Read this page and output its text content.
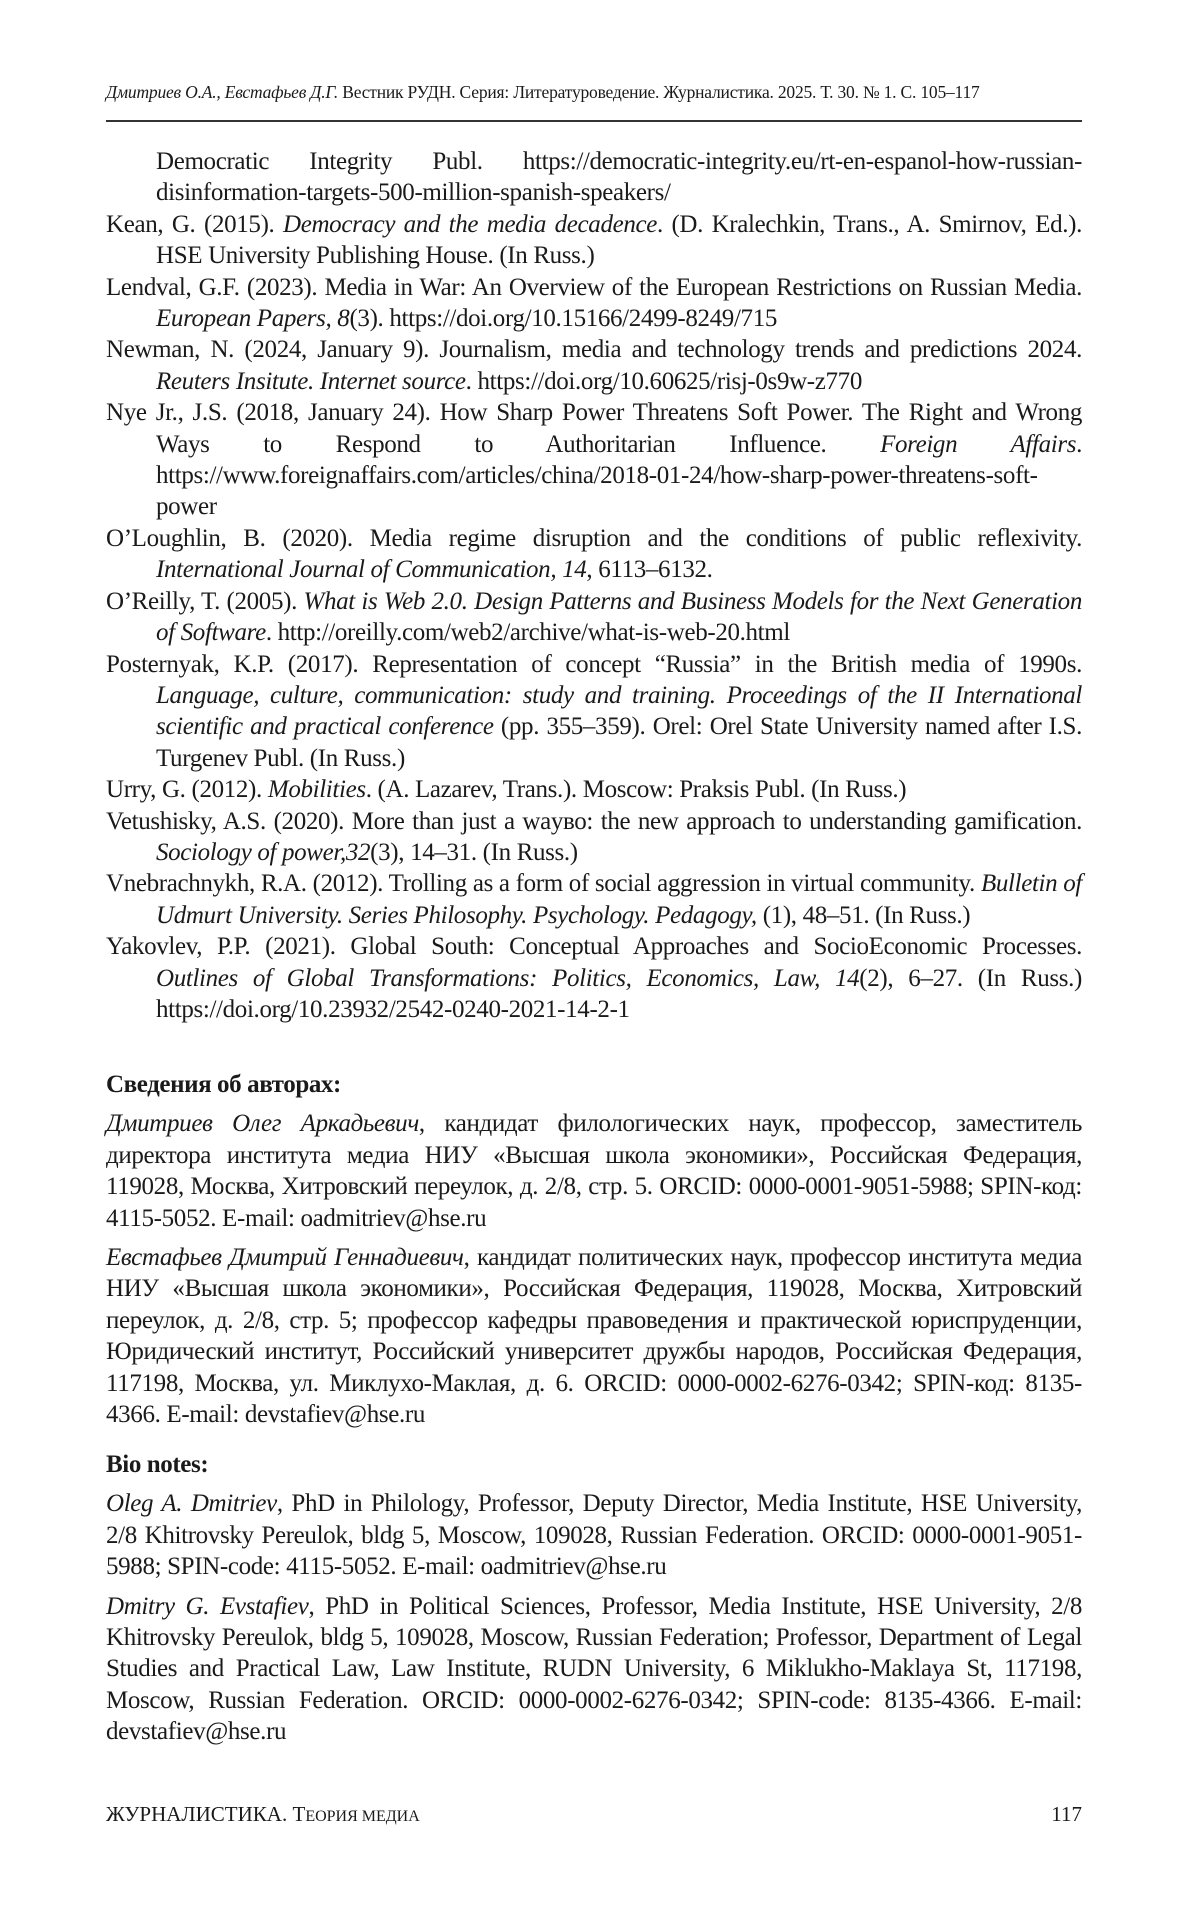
Дмитриев О.А., Евстафьев Д.Г. Вестник РУДН. Серия: Литературоведение. Журналистика. 2025. Т. 30. № 1. С. 105–117

Democratic Integrity Publ. https://democratic-integrity.eu/rt-en-espanol-how-russian-disinformation-targets-500-million-spanish-speakers/

Kean, G. (2015). Democracy and the media decadence. (D. Kralechkin, Trans., A. Smirnov, Ed.). HSE University Publishing House. (In Russ.)

Lendval, G.F. (2023). Media in War: An Overview of the European Restrictions on Russian Media. European Papers, 8(3). https://doi.org/10.15166/2499-8249/715

Newman, N. (2024, January 9). Journalism, media and technology trends and predictions 2024. Reuters Insitute. Internet source. https://doi.org/10.60625/risj-0s9w-z770

Nye Jr., J.S. (2018, January 24). How Sharp Power Threatens Soft Power. The Right and Wrong Ways to Respond to Authoritarian Influence. Foreign Affairs. https://www.foreignaffairs.com/articles/china/2018-01-24/how-sharp-power-threatens-soft-power

O’Loughlin, B. (2020). Media regime disruption and the conditions of public reflexivity. International Journal of Communication, 14, 6113–6132.

O’Reilly, T. (2005). What is Web 2.0. Design Patterns and Business Models for the Next Generation of Software. http://oreilly.com/web2/archive/what-is-web-20.html

Posternyak, K.P. (2017). Representation of concept “Russia” in the British media of 1990s. Language, culture, communication: study and training. Proceedings of the II International scientific and practical conference (pp. 355–359). Orel: Orel State University named after I.S. Turgenev Publ. (In Russ.)

Urry, G. (2012). Mobilities. (A. Lazarev, Trans.). Moscow: Praksis Publ. (In Russ.)

Vetushisky, A.S. (2020). More than just a wayво: the new approach to understanding gamification. Sociology of power,32(3), 14–31. (In Russ.)

Vnebrachnykh, R.A. (2012). Trolling as a form of social aggression in virtual community. Bulletin of Udmurt University. Series Philosophy. Psychology. Pedagogy, (1), 48–51. (In Russ.)

Yakovlev, P.P. (2021). Global South: Conceptual Approaches and SocioEconomic Processes. Outlines of Global Transformations: Politics, Economics, Law, 14(2), 6–27. (In Russ.) https://doi.org/10.23932/2542-0240-2021-14-2-1

Сведения об авторах:

Дмитриев Олег Аркадьевич, кандидат филологических наук, профессор, заместитель директора института медиа НИУ «Высшая школа экономики», Российская Федерация, 119028, Москва, Хитровский переулок, д. 2/8, стр. 5. ORCID: 0000-0001-9051-5988; SPIN-код: 4115-5052. E-mail: oadmitriev@hse.ru

Евстафьев Дмитрий Геннадиевич, кандидат политических наук, профессор института медиа НИУ «Высшая школа экономики», Российская Федерация, 119028, Москва, Хитровский переулок, д. 2/8, стр. 5; профессор кафедры правоведения и практической юриспруденции, Юридический институт, Российский университет дружбы народов, Российская Федерация, 117198, Москва, ул. Миклухо-Маклая, д. 6. ORCID: 0000-0002-6276-0342; SPIN-код: 8135-4366. E-mail: devstafiev@hse.ru

Bio notes:

Oleg A. Dmitriev, PhD in Philology, Professor, Deputy Director, Media Institute, HSE University, 2/8 Khitrovsky Pereulok, bldg 5, Moscow, 109028, Russian Federation. ORCID: 0000-0001-9051-5988; SPIN-code: 4115-5052. E-mail: oadmitriev@hse.ru

Dmitry G. Evstafiev, PhD in Political Sciences, Professor, Media Institute, HSE University, 2/8 Khitrovsky Pereulok, bldg 5, 109028, Moscow, Russian Federation; Professor, Department of Legal Studies and Practical Law, Law Institute, RUDN University, 6 Miklukho-Maklaya St, 117198, Moscow, Russian Federation. ORCID: 0000-0002-6276-0342; SPIN-code: 8135-4366. E-mail: devstafiev@hse.ru

ЖУРНАЛИСТИКА. ТЕОРИЯ МЕДИА	117
